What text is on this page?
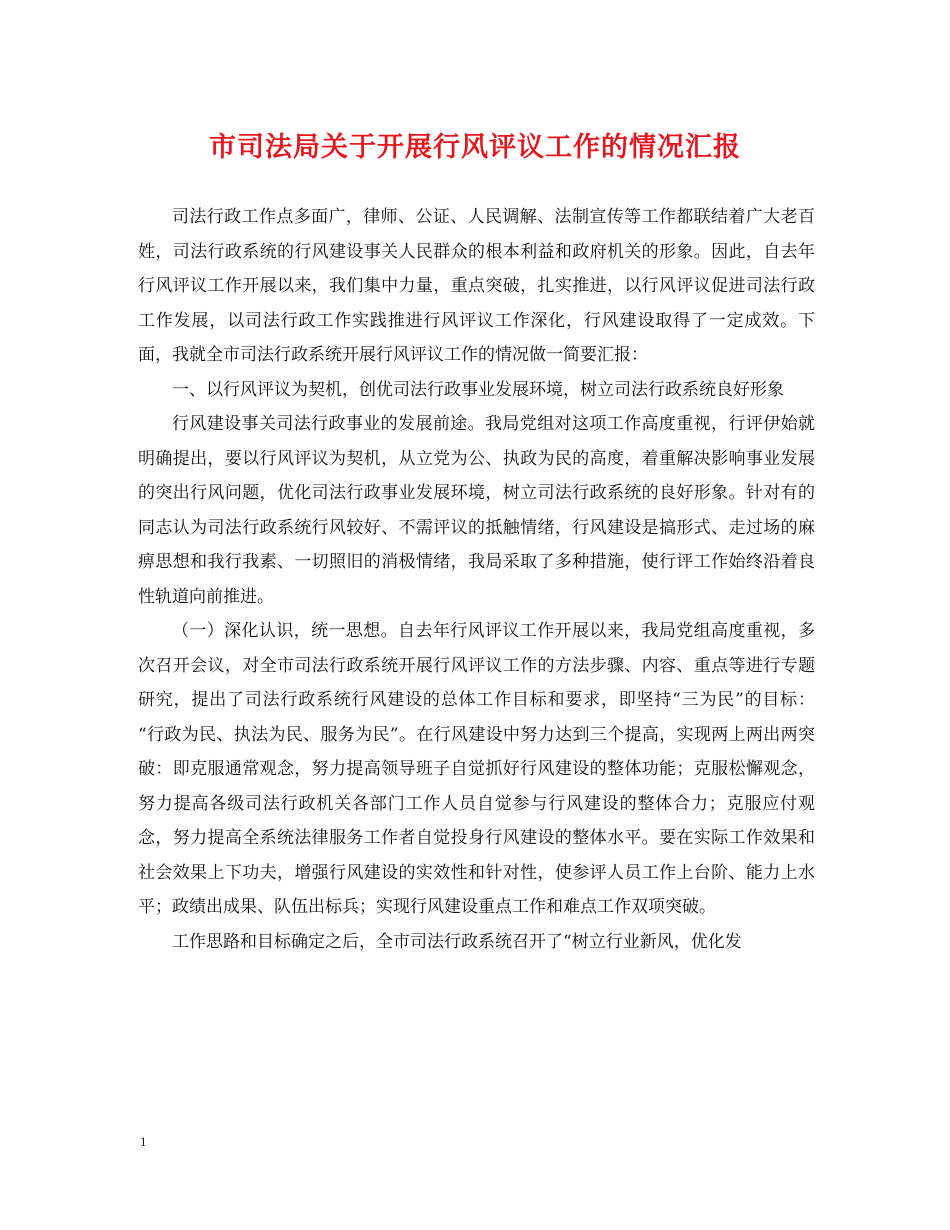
市司法局关于开展行风评议工作的情况汇报

司法行政工作点多面广，律师、公证、人民调解、法制宣传等工作都联结着广大老百姓，司法行政系统的行风建设事关人民群众的根本利益和政府机关的形象。因此，自去年行风评议工作开展以来，我们集中力量，重点突破，扎实推进，以行风评议促进司法行政工作发展，以司法行政工作实践推进行风评议工作深化，行风建设取得了一定成效。下面，我就全市司法行政系统开展行风评议工作的情况做一简要汇报：

一、以行风评议为契机，创优司法行政事业发展环境，树立司法行政系统良好形象

行风建设事关司法行政事业的发展前途。我局党组对这项工作高度重视，行评伊始就明确提出，要以行风评议为契机，从立党为公、执政为民的高度，着重解决影响事业发展的突出行风问题，优化司法行政事业发展环境，树立司法行政系统的良好形象。针对有的同志认为司法行政系统行风较好、不需评议的抵触情绪，行风建设是搞形式、走过场的麻痹思想和我行我素、一切照旧的消极情绪，我局采取了多种措施，使行评工作始终沿着良性轨道向前推进。

（一）深化认识，统一思想。自去年行风评议工作开展以来，我局党组高度重视，多次召开会议，对全市司法行政系统开展行风评议工作的方法步骤、内容、重点等进行专题研究，提出了司法行政系统行风建设的总体工作目标和要求，即坚持“三为民”的目标： “行政为民、执法为民、服务为民”。在行风建设中努力达到三个提高，实现两上两出两突破：即克服通常观念，努力提高领导班子自觉抓好行风建设的整体功能；克服松懈观念，努力提高各级司法行政机关各部门工作人员自觉参与行风建设的整体合力；克服应付观念，努力提高全系统法律服务工作者自觉投身行风建设的整体水平。要在实际工作效果和社会效果上下功夫，增强行风建设的实效性和针对性，使参评人员工作上台阶、能力上水平；政绩出成果、队伍出标兵；实现行风建设重点工作和难点工作双项突破。

工作思路和目标确定之后，全市司法行政系统召开了“树立行业新风，优化发

1
